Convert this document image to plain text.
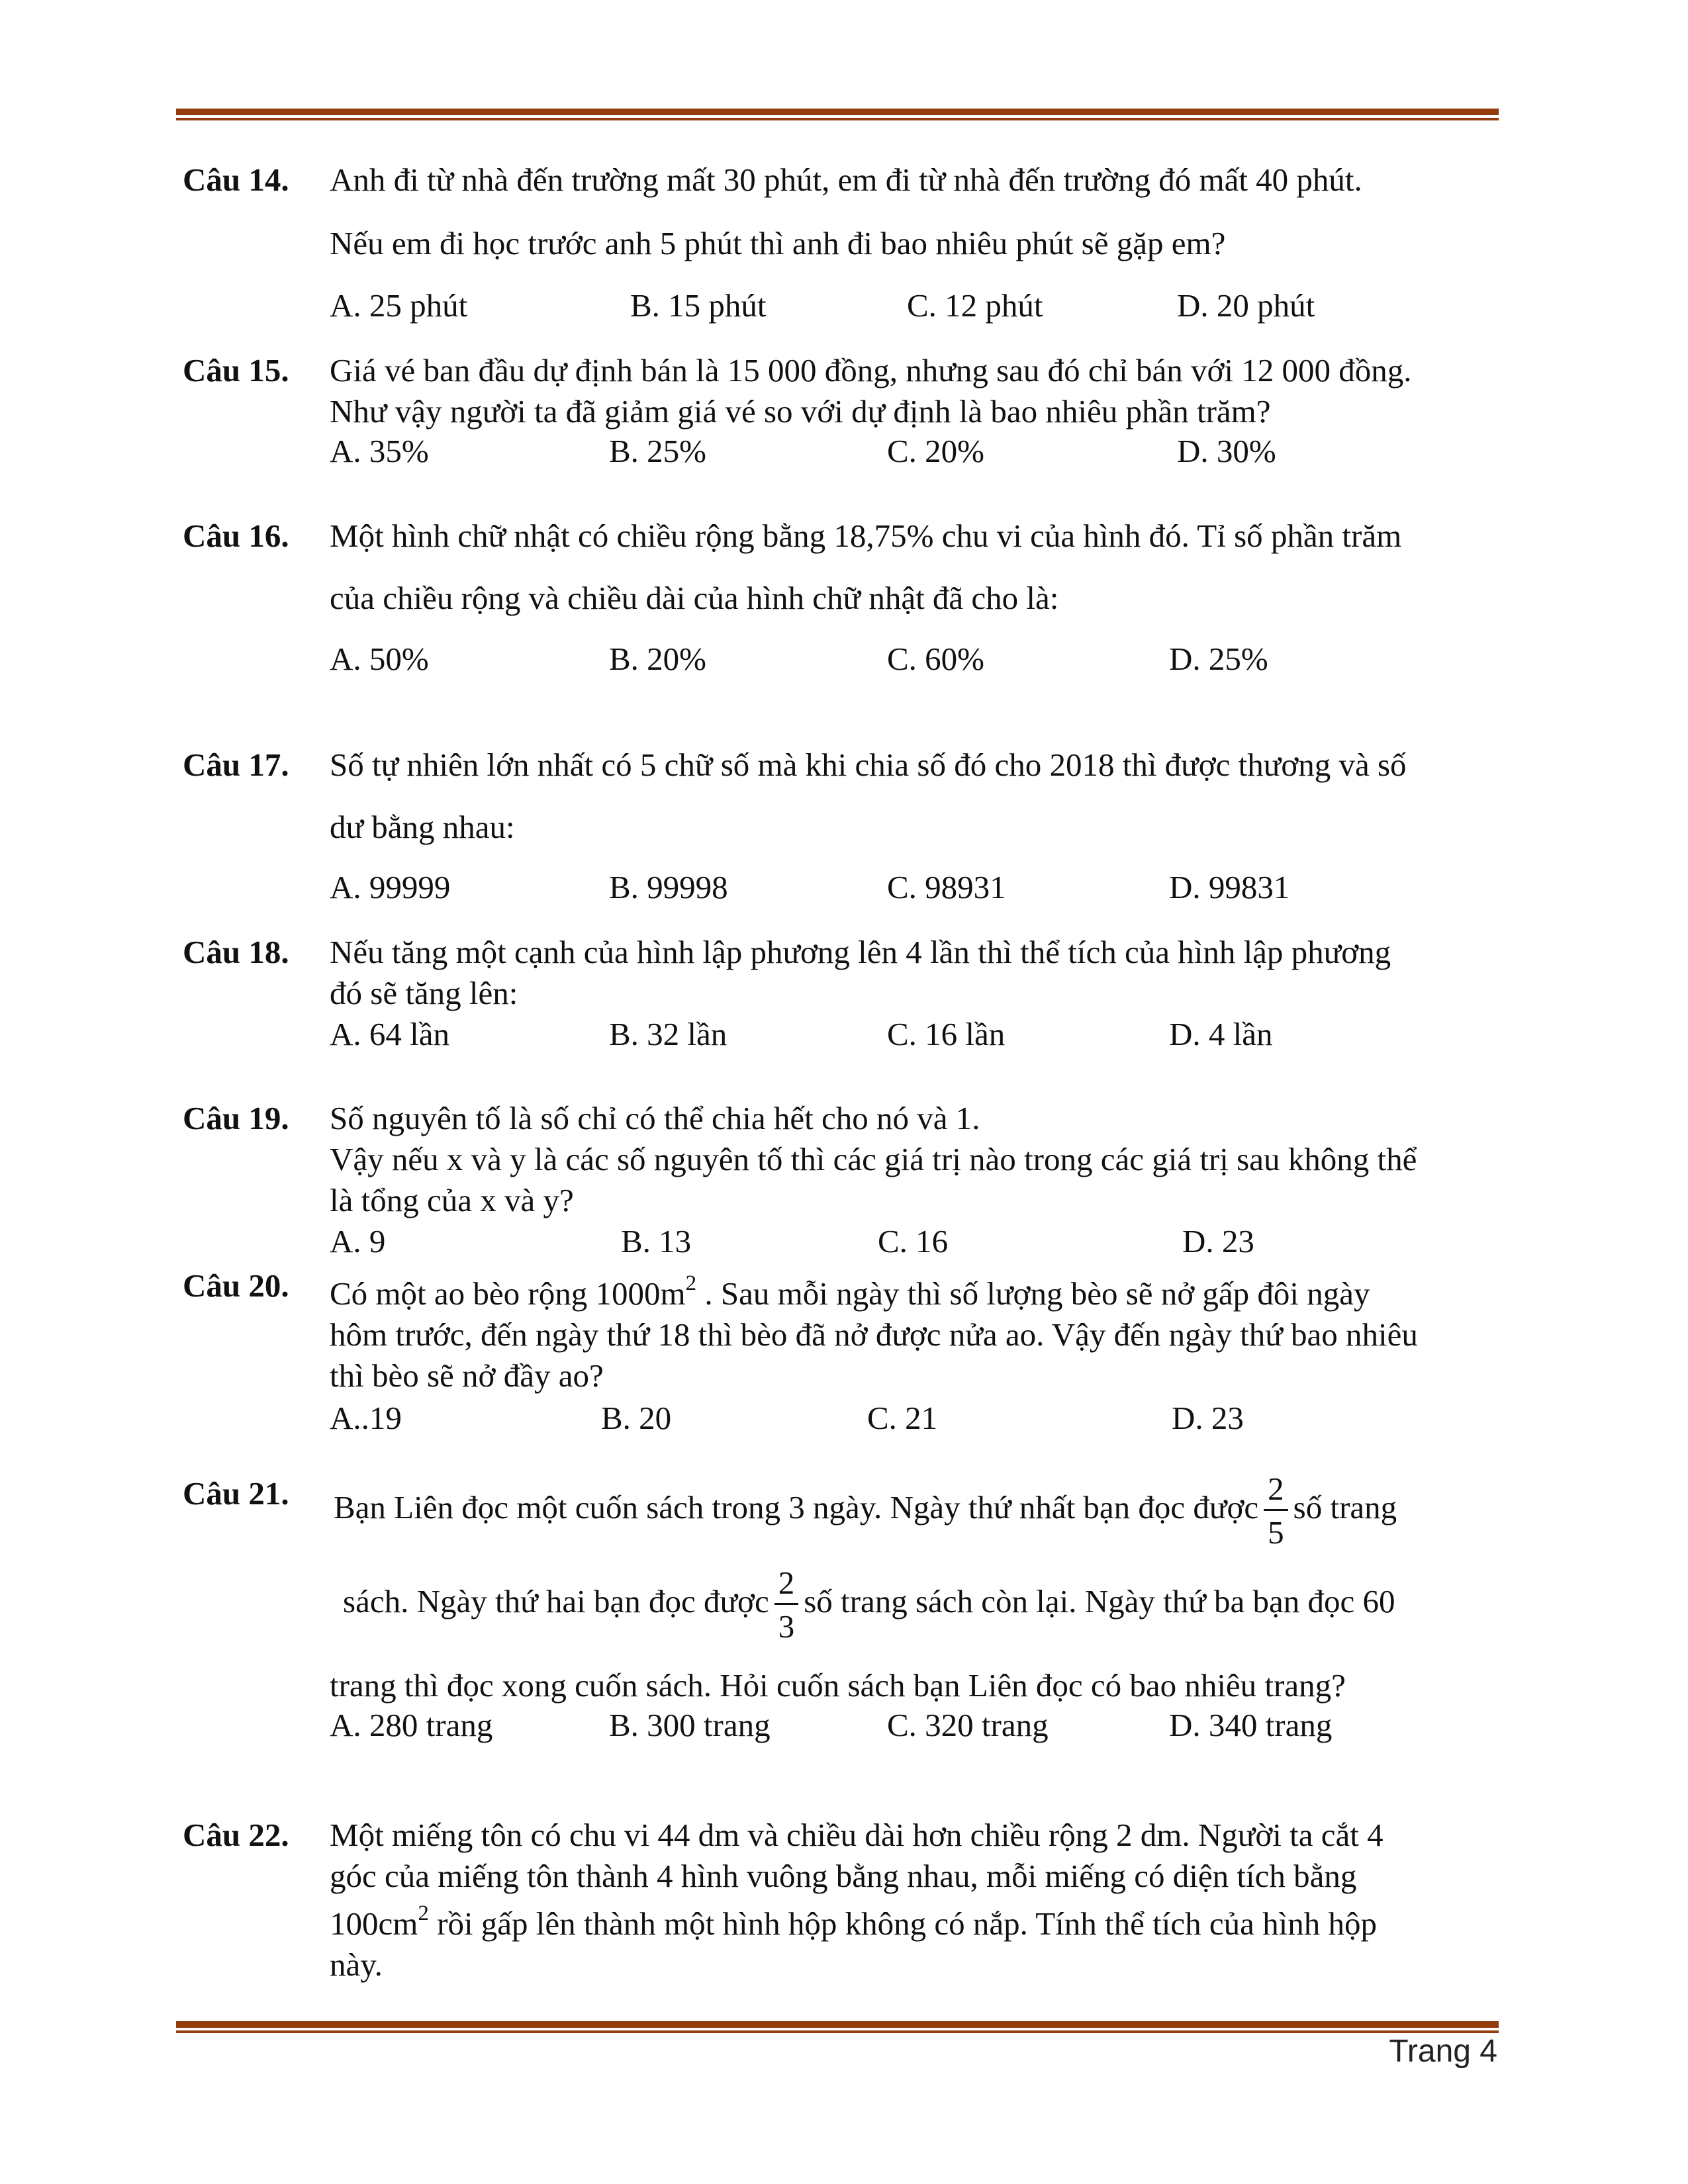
Câu 14. Anh đi từ nhà đến trường mất 30 phút, em đi từ nhà đến trường đó mất 40 phút.
Nếu em đi học trước anh 5 phút thì anh đi bao nhiêu phút sẽ gặp em?
A. 25 phút	B. 15 phút	C. 12 phút	D. 20 phút
Câu 15. Giá vé ban đầu dự định bán là 15 000 đồng, nhưng sau đó chỉ bán với 12 000 đồng.
Như vậy người ta đã giảm giá vé so với dự định là bao nhiêu phần trăm?
A. 35%	B. 25%	C. 20%	D. 30%
Câu 16. Một hình chữ nhật có chiều rộng bằng 18,75% chu vi của hình đó. Tỉ số phần trăm
của chiều rộng và chiều dài của hình chữ nhật đã cho là:
A. 50%	B. 20%	C. 60%	D. 25%
Câu 17. Số tự nhiên lớn nhất có 5 chữ số mà khi chia số đó cho 2018 thì được thương và số
dư bằng nhau:
A. 99999	B. 99998	C. 98931	D. 99831
Câu 18. Nếu tăng một cạnh của hình lập phương lên 4 lần thì thể tích của hình lập phương
đó sẽ tăng lên:
A. 64 lần	B. 32 lần	C. 16 lần	D. 4 lần
Câu 19. Số nguyên tố là số chỉ có thể chia hết cho nó và 1.
Vậy nếu x và y là các số nguyên tố thì các giá trị nào trong các giá trị sau không thể
là tổng của x và y?
A. 9	B. 13	C. 16	D. 23
Câu 20. Có một ao bèo rộng $1000m^2$ . Sau mỗi ngày thì số lượng bèo sẽ nở gấp đôi ngày
hôm trước, đến ngày thứ 18 thì bèo đã nở được nửa ao. Vậy đến ngày thứ bao nhiêu
thì bèo sẽ nở đầy ao?
A..19	B. 20	C. 21	D. 23
Câu 21. Bạn Liên đọc một cuốn sách trong 3 ngày. Ngày thứ nhất bạn đọc được $\frac{2}{5}$ số trang
sách. Ngày thứ hai bạn đọc được $\frac{2}{3}$ số trang sách còn lại. Ngày thứ ba bạn đọc 60
trang thì đọc xong cuốn sách. Hỏi cuốn sách bạn Liên đọc có bao nhiêu trang?
A. 280 trang	B. 300 trang	C. 320 trang	D. 340 trang
Câu 22. Một miếng tôn có chu vi 44 dm và chiều dài hơn chiều rộng 2 dm. Người ta cắt 4
góc của miếng tôn thành 4 hình vuông bằng nhau, mỗi miếng có diện tích bằng
$100cm^2$ rồi gấp lên thành một hình hộp không có nắp. Tính thể tích của hình hộp
này.
Trang 4
